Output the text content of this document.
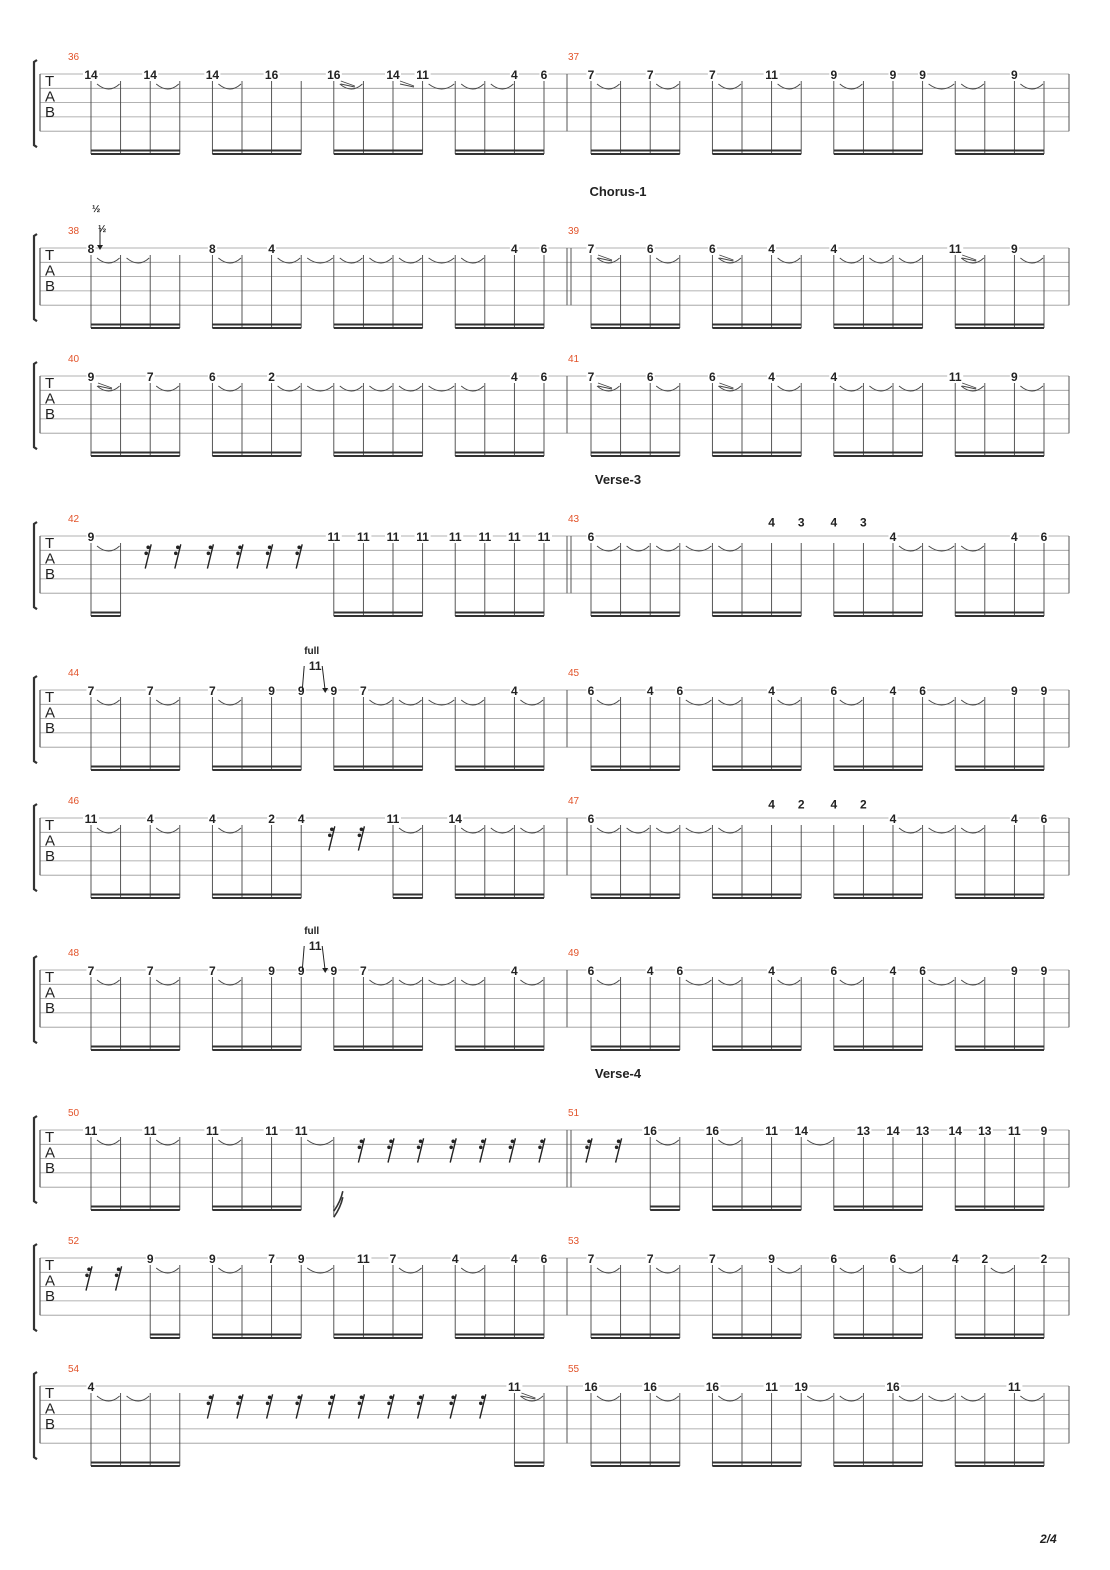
T
A
B
36
14	14	14	16	16	14 11	4 6
37
7	7	7	11	9	9 9	9
T
A
B
38
8
½
½
8	4	4 6
39
Chorus-1
7	6	6	4	4	11	9
T
A
B
40
9	7	6	2	4 6
41
7	6	6	4	4	11	9
T
A
B
42
9	11 11 11 11 11 11 11 11
43
Verse-3
6
4 3 4 3
4	4 6
T
A
B
44
7	7	7	9 9
11
full
9 7	4
45
6	4 6	4	6	4 6	9 9
T
A
B
46
11	4	4	2 4	11	14
47
6
4 2 4 2
4	4 6
T
A
B
48
7	7	7	9 9
11
full
9 7	4
49
6	4 6	4	6	4 6	9 9
T
A
B
50
11	11	11	11 11
51
Verse-4
16	16	11 14	13 14 13 14 13 11 9
T
A
B
52
9	9	7 9	11 7	4	4 6
53
7	7	7	9	6	6	4 2	2
T
A
B
54
4	11
55
16	16	16	11 19	16	11
2/4
